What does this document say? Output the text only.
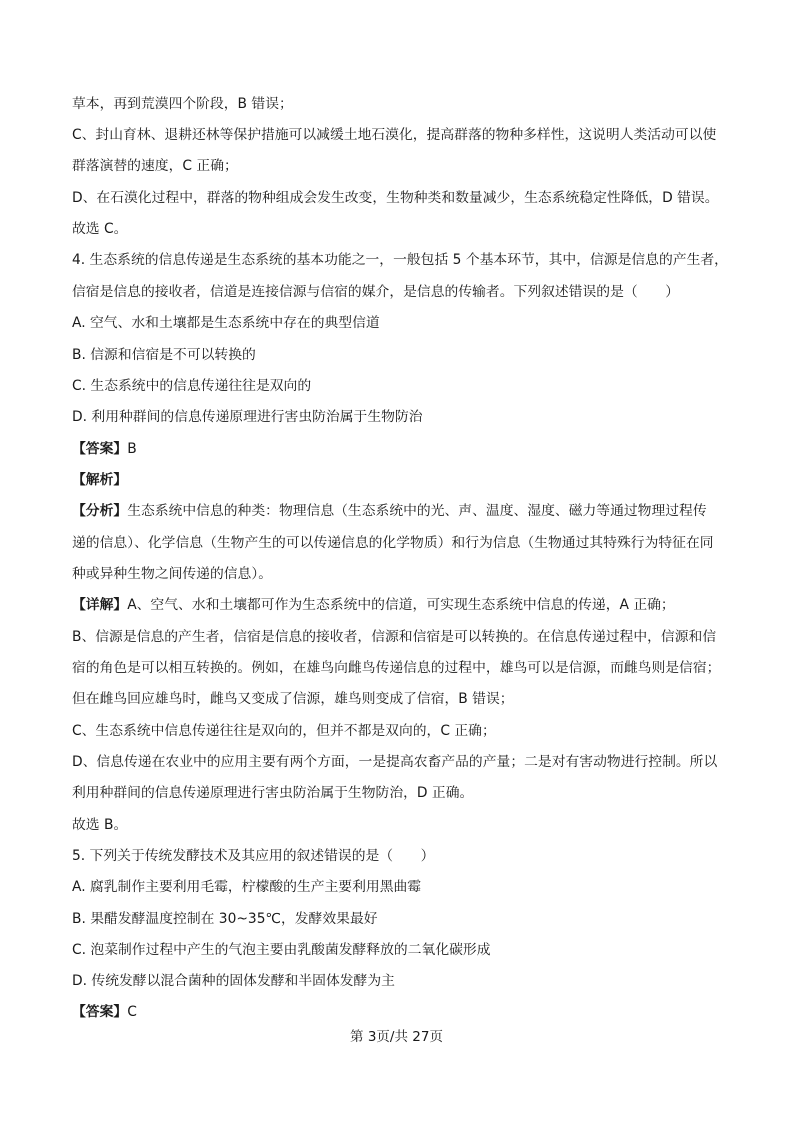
草本，再到荒漠四个阶段，B 错误；
C、封山育林、退耕还林等保护措施可以减缓土地石漠化，提高群落的物种多样性，这说明人类活动可以使
群落演替的速度，C 正确；
D、在石漠化过程中，群落的物种组成会发生改变，生物种类和数量减少，生态系统稳定性降低，D 错误。
故选 C。
4. 生态系统的信息传递是生态系统的基本功能之一，一般包括 5 个基本环节，其中，信源是信息的产生者，
信宿是信息的接收者，信道是连接信源与信宿的媒介，是信息的传输者。下列叙述错误的是（　　）
A. 空气、水和土壤都是生态系统中存在的典型信道
B. 信源和信宿是不可以转换的
C. 生态系统中的信息传递往往是双向的
D. 利用种群间的信息传递原理进行害虫防治属于生物防治
【答案】B
【解析】
【分析】生态系统中信息的种类：物理信息（生态系统中的光、声、温度、湿度、磁力等通过物理过程传
递的信息）、化学信息（生物产生的可以传递信息的化学物质）和行为信息（生物通过其特殊行为特征在同
种或异种生物之间传递的信息）。
【详解】A、空气、水和土壤都可作为生态系统中的信道，可实现生态系统中信息的传递，A 正确；
B、信源是信息的产生者，信宿是信息的接收者，信源和信宿是可以转换的。在信息传递过程中，信源和信
宿的角色是可以相互转换的。例如，在雄鸟向雌鸟传递信息的过程中，雄鸟可以是信源，而雌鸟则是信宿；
但在雌鸟回应雄鸟时，雌鸟又变成了信源，雄鸟则变成了信宿，B 错误；
C、生态系统中信息传递往往是双向的，但并不都是双向的，C 正确；
D、信息传递在农业中的应用主要有两个方面，一是提高农畜产品的产量；二是对有害动物进行控制。所以
利用种群间的信息传递原理进行害虫防治属于生物防治，D 正确。
故选 B。
5. 下列关于传统发酵技术及其应用的叙述错误的是（　　）
A. 腐乳制作主要利用毛霉，柠檬酸的生产主要利用黑曲霉
B. 果醋发酵温度控制在 30~35℃，发酵效果最好
C. 泡菜制作过程中产生的气泡主要由乳酸菌发酵释放的二氧化碳形成
D. 传统发酵以混合菌种的固体发酵和半固体发酵为主
【答案】C
第 3页/共 27页
